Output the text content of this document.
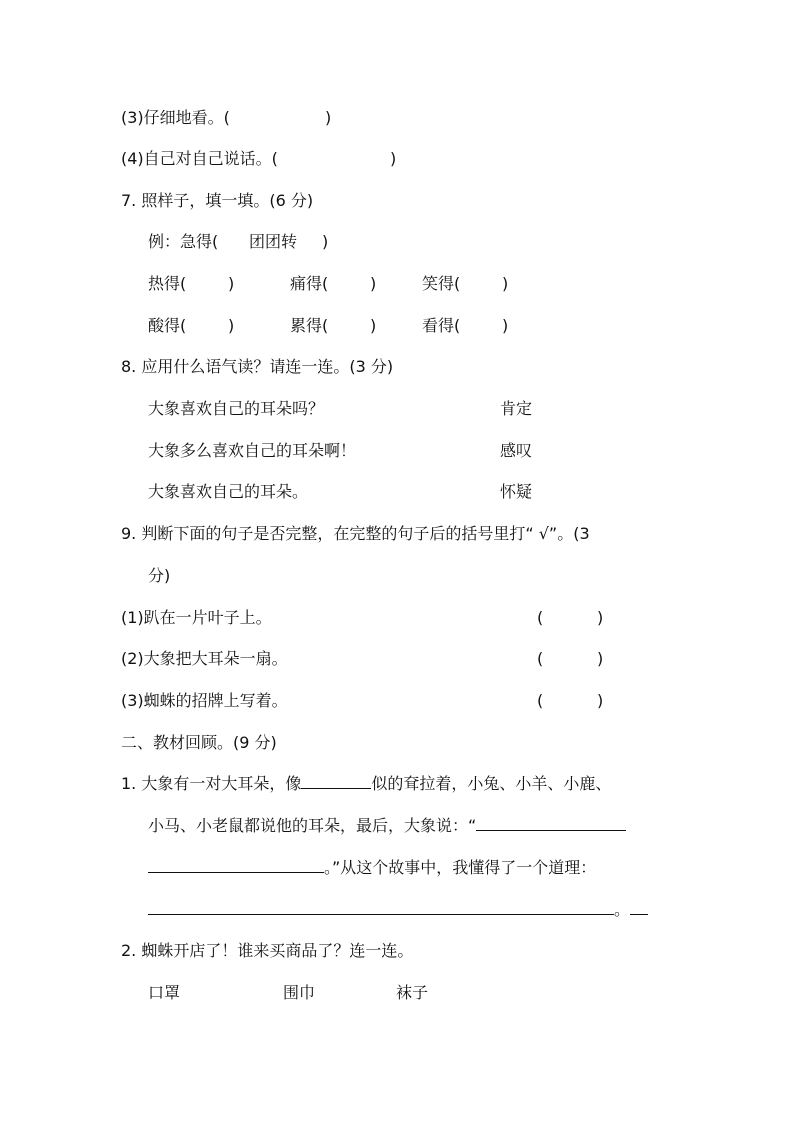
(3)仔细地看。(	)
(4)自己对自己说话。(	)
7. 照样子，填一填。(6 分)
例：急得( 团团转 )
热得(	)	痛得(	)	笑得(	)
酸得(	)	累得(	)	看得(	)
8. 应用什么语气读？请连一连。(3 分)
大象喜欢自己的耳朵吗？	肯定
大象多么喜欢自己的耳朵啊！	感叹
大象喜欢自己的耳朵。	怀疑
9. 判断下面的句子是否完整，在完整的句子后的括号里打“ √”。(3
分)
(1)趴在一片叶子上。	(	)
(2)大象把大耳朵一扇。	(	)
(3)蜘蛛的招牌上写着。	(	)
二、教材回顾。(9 分)
1. 大象有一对大耳朵，像	似的耷拉着，小兔、小羊、小鹿、
小马、小老鼠都说他的耳朵，最后，大象说：“
。”从这个故事中，我懂得了一个道理：
。
2. 蜘蛛开店了！谁来买商品了？连一连。
口罩	围巾	袜子
